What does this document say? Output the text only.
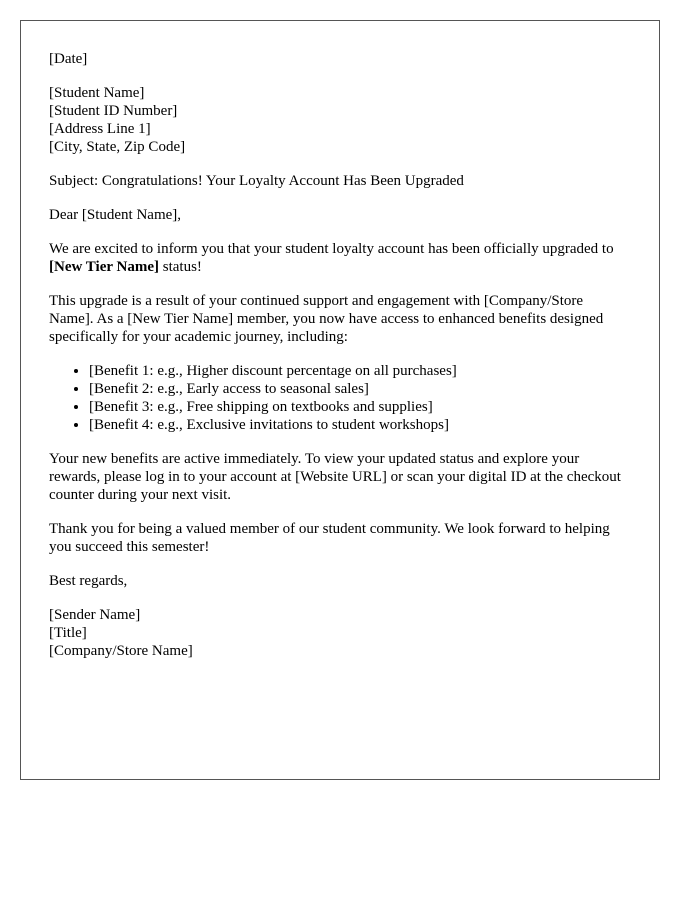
[Date]

[Student Name]
[Student ID Number]
[Address Line 1]
[City, State, Zip Code]

Subject: Congratulations! Your Loyalty Account Has Been Upgraded

Dear [Student Name],

We are excited to inform you that your student loyalty account has been officially upgraded to [New Tier Name] status!

This upgrade is a result of your continued support and engagement with [Company/Store Name]. As a [New Tier Name] member, you now have access to enhanced benefits designed specifically for your academic journey, including:

• [Benefit 1: e.g., Higher discount percentage on all purchases]
• [Benefit 2: e.g., Early access to seasonal sales]
• [Benefit 3: e.g., Free shipping on textbooks and supplies]
• [Benefit 4: e.g., Exclusive invitations to student workshops]

Your new benefits are active immediately. To view your updated status and explore your rewards, please log in to your account at [Website URL] or scan your digital ID at the checkout counter during your next visit.

Thank you for being a valued member of our student community. We look forward to helping you succeed this semester!

Best regards,

[Sender Name]
[Title]
[Company/Store Name]
